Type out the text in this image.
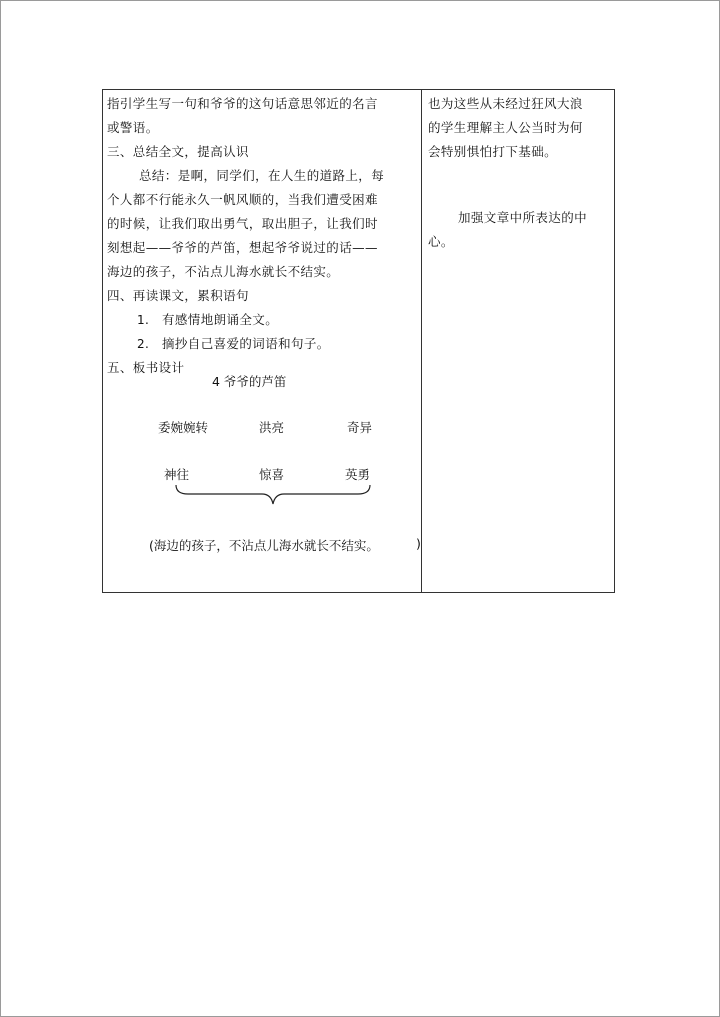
指引学生写一句和爷爷的这句话意思邻近的名言
或警语。
三、总结全文，提高认识
总结：是啊，同学们，在人生的道路上，每
个人都不行能永久一帆风顺的，当我们遭受困难
的时候，让我们取出勇气，取出胆子，让我们时
刻想起——爷爷的芦笛，想起爷爷说过的话——
海边的孩子，不沾点儿海水就长不结实。
四、再读课文，累积语句
1. 有感情地朗诵全文。
2. 摘抄自己喜爱的词语和句子。
五、板书设计
也为这些从未经过狂风大浪
的学生理解主人公当时为何
会特别惧怕打下基础。
加强文章中所表达的中
心。
4 爷爷的芦笛
委婉婉转	洪亮	奇异
神往	惊喜	英勇
(海边的孩子，不沾点儿海水就长不结实。	)
